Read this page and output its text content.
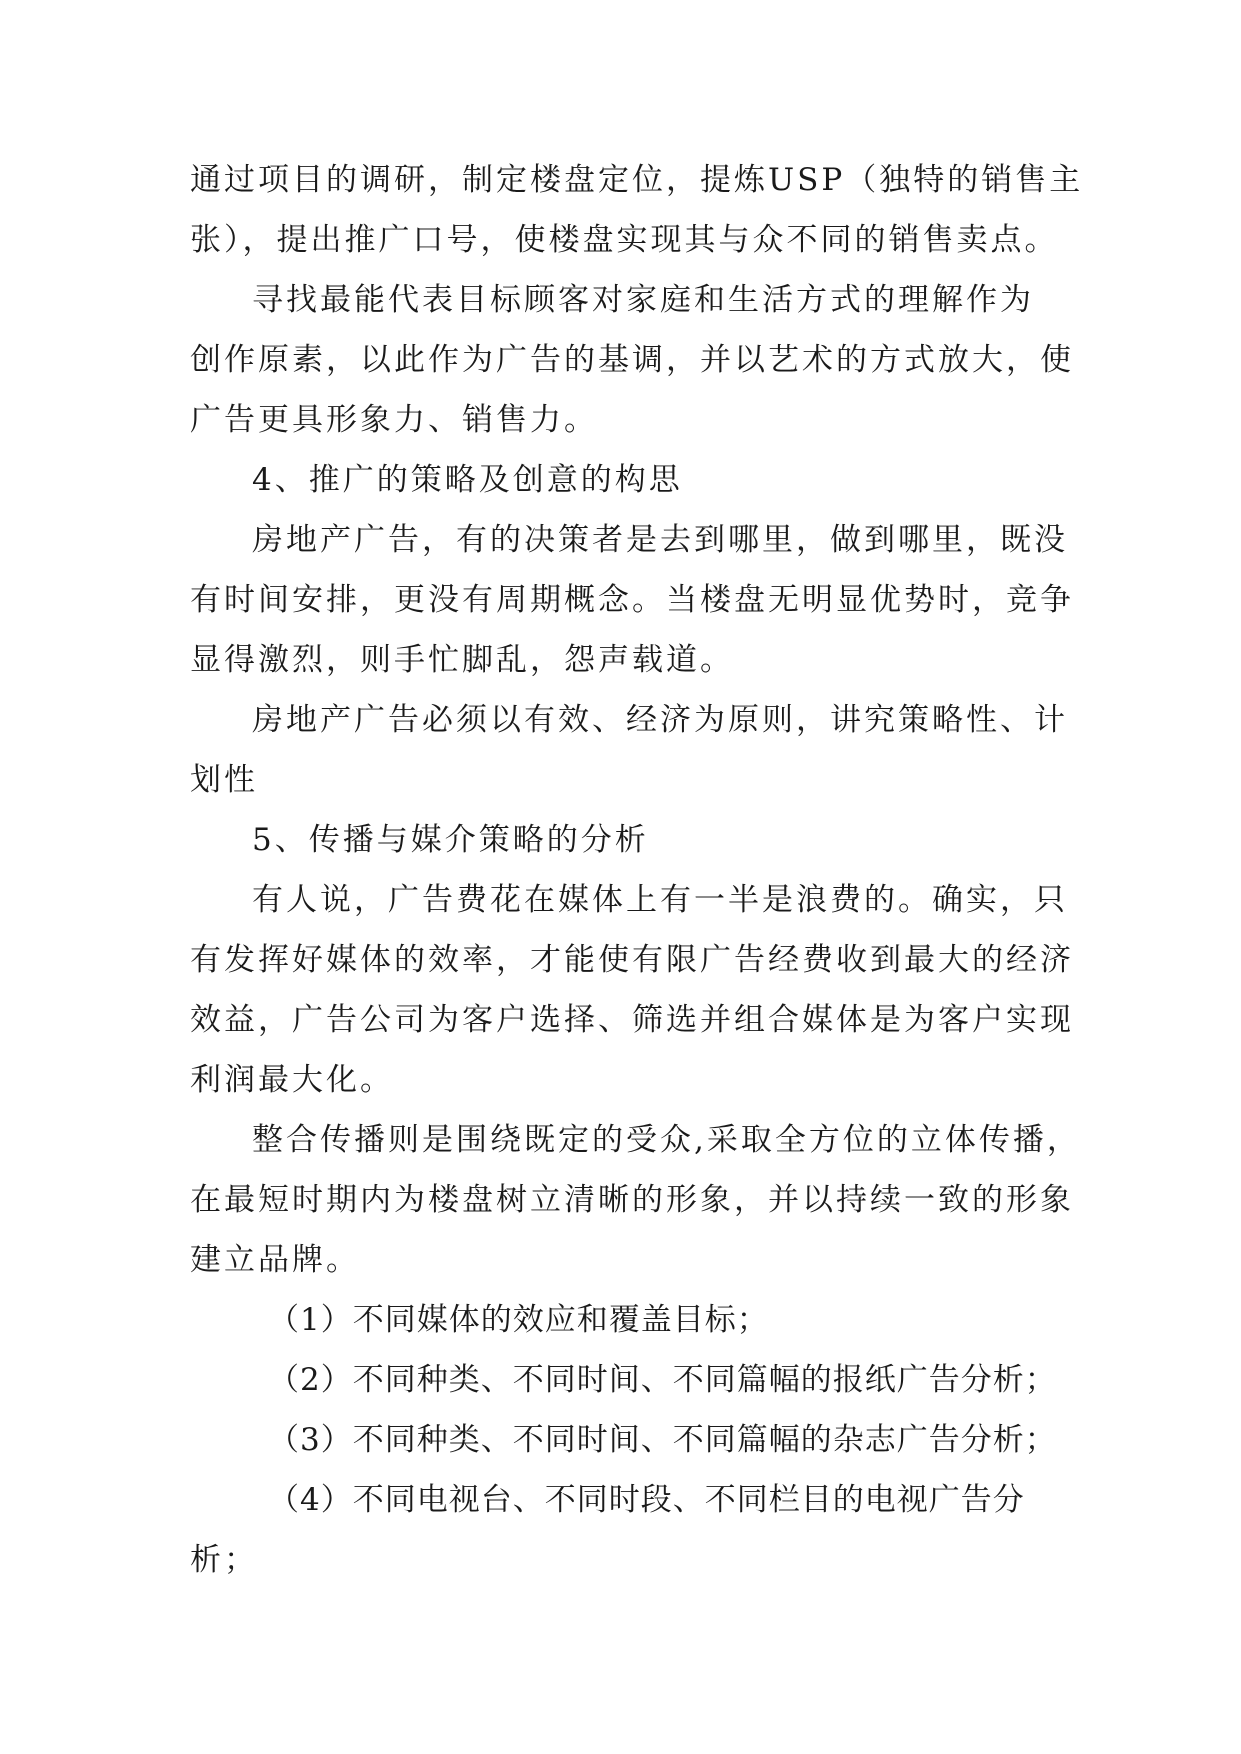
通过项目的调研，制定楼盘定位，提炼USP（独特的销售主
张），提出推广口号，使楼盘实现其与众不同的销售卖点。
寻找最能代表目标顾客对家庭和生活方式的理解作为
创作原素，以此作为广告的基调，并以艺术的方式放大，使
广告更具形象力、销售力。
4、推广的策略及创意的构思
房地产广告，有的决策者是去到哪里，做到哪里，既没
有时间安排，更没有周期概念。当楼盘无明显优势时，竞争
显得激烈，则手忙脚乱，怨声载道。
房地产广告必须以有效、经济为原则，讲究策略性、计
划性
5、传播与媒介策略的分析
有人说，广告费花在媒体上有一半是浪费的。确实，只
有发挥好媒体的效率，才能使有限广告经费收到最大的经济
效益，广告公司为客户选择、筛选并组合媒体是为客户实现
利润最大化。
整合传播则是围绕既定的受众,采取全方位的立体传播，
在最短时期内为楼盘树立清晰的形象，并以持续一致的形象
建立品牌。
（1）不同媒体的效应和覆盖目标；
（2）不同种类、不同时间、不同篇幅的报纸广告分析；
（3）不同种类、不同时间、不同篇幅的杂志广告分析；
（4）不同电视台、不同时段、不同栏目的电视广告分
析；
